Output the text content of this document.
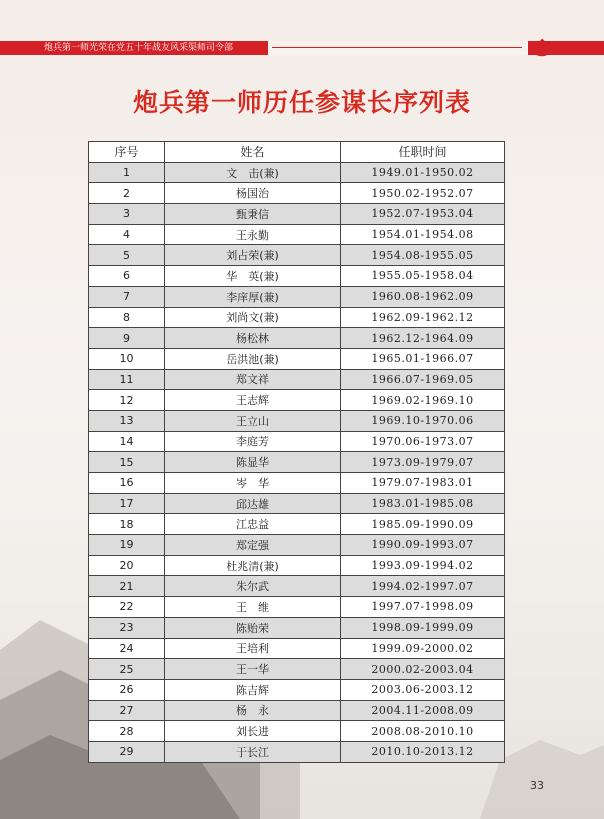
炮兵第一师光荣在党五十年战友风采渠师司令部
炮兵第一师历任参谋长序列表
序号	姓名	任职时间
1	文　击(兼)	1949.01-1950.02
2	杨国治	1950.02-1952.07
3	甄秉信	1952.07-1953.04
4	王永勤	1954.01-1954.08
5	刘占荣(兼)	1954.08-1955.05
6	华　英(兼)	1955.05-1958.04
7	李庠厚(兼)	1960.08-1962.09
8	刘尚文(兼)	1962.09-1962.12
9	杨松林	1962.12-1964.09
10	岳洪池(兼)	1965.01-1966.07
11	郑文祥	1966.07-1969.05
12	王志辉	1969.02-1969.10
13	王立山	1969.10-1970.06
14	李庭芳	1970.06-1973.07
15	陈显华	1973.09-1979.07
16	岑　华	1979.07-1983.01
17	邱达雄	1983.01-1985.08
18	江忠益	1985.09-1990.09
19	郑定强	1990.09-1993.07
20	杜兆清(兼)	1993.09-1994.02
21	朱尔武	1994.02-1997.07
22	王　维	1997.07-1998.09
23	陈贻荣	1998.09-1999.09
24	王培利	1999.09-2000.02
25	王一华	2000.02-2003.04
26	陈吉辉	2003.06-2003.12
27	杨　永	2004.11-2008.09
28	刘长进	2008.08-2010.10
29	于长江	2010.10-2013.12
33
